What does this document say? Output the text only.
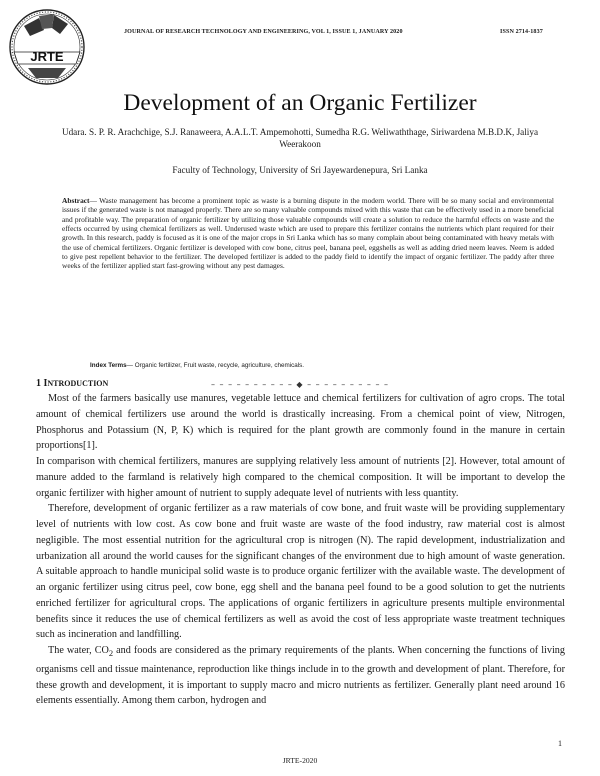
JRTE
JOURNAL OF RESEARCH TECHNOLOGY AND ENGINEERING, VOL 1, ISSUE 1, JANUARY 2020	ISSN 2714-1837
Development of an Organic Fertilizer
Udara. S. P. R. Arachchige, S.J. Ranaweera, A.A.L.T. Ampemohotti, Sumedha R.G. Weliwaththage, Siriwardena M.B.D.K, Jaliya Weerakoon
Faculty of Technology, University of Sri Jayewardenepura, Sri Lanka
Abstract— Waste management has become a prominent topic as waste is a burning dispute in the modern world. There will be so many social and environmental issues if the generated waste is not managed properly. There are so many valuable compounds mixed with this waste that can be effectively used in a more beneficial and profitable way. The preparation of organic fertilizer by utilizing those valuable compounds will create a solution to reduce the harmful effects on waste and the effects occurred by using chemical fertilizers as well. Underused waste which are used to prepare this fertilizer contains the nutrients which plant required for their growth. In this research, paddy is focused as it is one of the major crops in Sri Lanka which has so many complain about being contaminated with heavy metals with the use of chemical fertilizers. Organic fertilizer is developed with cow bone, citrus peel, banana peel, eggshells as well as adding dried neem leaves. Neem is added to give pest repellent behavior to the fertilizer. The developed fertilizer is added to the paddy field to identify the impact of organic fertilizer. The paddy after three weeks of the fertilizer applied start fast-growing without any pest damages.
Index Terms— Organic fertilizer, Fruit waste, recycle, agriculture, chemicals.
– – – – – – – – – – ◆ – – – – – – – – – –
1 INTRODUCTION

Most of the farmers basically use manures, vegetable lettuce and chemical fertilizers for cultivation of agro crops. The total amount of chemical fertilizers use around the world is drastically increasing. From a chemical point of view, Nitrogen, Phosphorus and Potassium (N, P, K) which is required for the plant growth are commonly found in the manure in certain proportions[1].

In comparison with chemical fertilizers, manures are supplying relatively less amount of nutrients [2]. However, total amount of manure added to the farmland is relatively high compared to the chemical composition. It will be important to develop the organic fertilizer with higher amount of nutrient to supply adequate level of nutrients with less quantity.

Therefore, development of organic fertilizer as a raw materials of cow bone, and fruit waste will be providing supplementary level of nutrients with low cost. As cow bone and fruit waste are waste of the food industry, raw material cost is almost negligible. The most essential nutrition for the agricultural crop is nitrogen (N). The rapid development, industrialization and urbanization all around the world causes for the significant changes of the environment due to high amount of waste generation. A suitable approach to handle municipal solid waste is to produce organic fertilizer with the available waste. The development of an organic fertilizer using citrus peel, cow bone, egg shell and the banana peel found to be a good solution to get the nutrients enriched fertilizer for agricultural crops. The applications of organic fertilizers in agriculture presents multiple environmental benefits since it reduces the use of chemical fertilizers as well as avoid the cost of less appropriate waste treatment techniques such as incineration and landfilling.

The water, $CO_2$ and foods are considered as the primary requirements of the plants. When concerning the functions of living organisms cell and tissue maintenance, reproduction like things include in to the growth and development of plant. Therefore, for these growth and development, it is important to supply macro and micro nutrients as fertilizer. Generally plant need around 16 elements essentially. Among them carbon, hydrogen and

1
JRTE-2020
